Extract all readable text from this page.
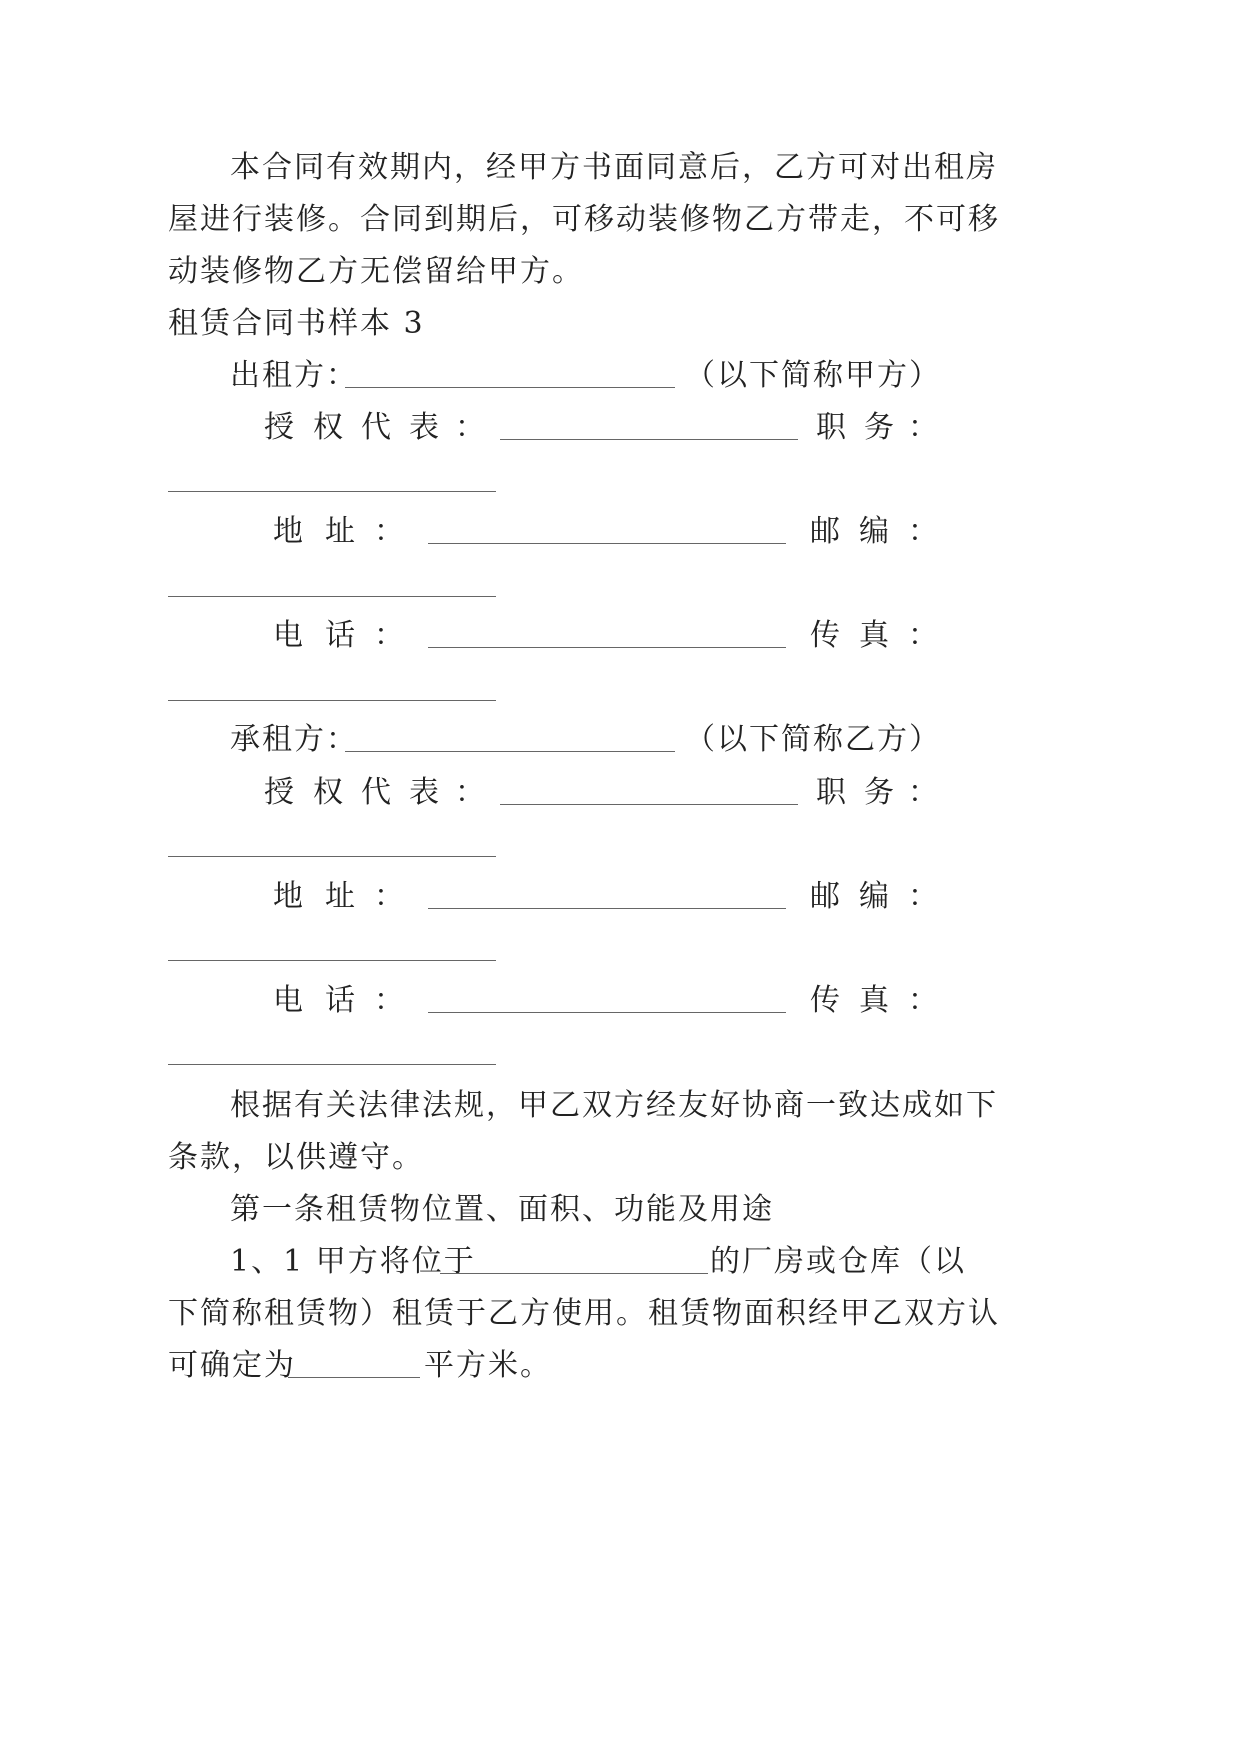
本合同有效期内，经甲方书面同意后，乙方可对出租房
屋进行装修。合同到期后，可移动装修物乙方带走，不可移
动装修物乙方无偿留给甲方。
租赁合同书样本 3
出租方：	（以下简称甲方）
授 权 代 表 ：	职 务 ：
地 址 ：	邮 编 ：
电 话 ：	传 真 ：
承租方：	（以下简称乙方）
授 权 代 表 ：	职 务 ：
地 址 ：	邮 编 ：
电 话 ：	传 真 ：
根据有关法律法规，甲乙双方经友好协商一致达成如下
条款，以供遵守。
第一条租赁物位置、面积、功能及用途
1、1 甲方将位于	的厂房或仓库（以
下简称租赁物）租赁于乙方使用。租赁物面积经甲乙双方认
可确定为	平方米。
